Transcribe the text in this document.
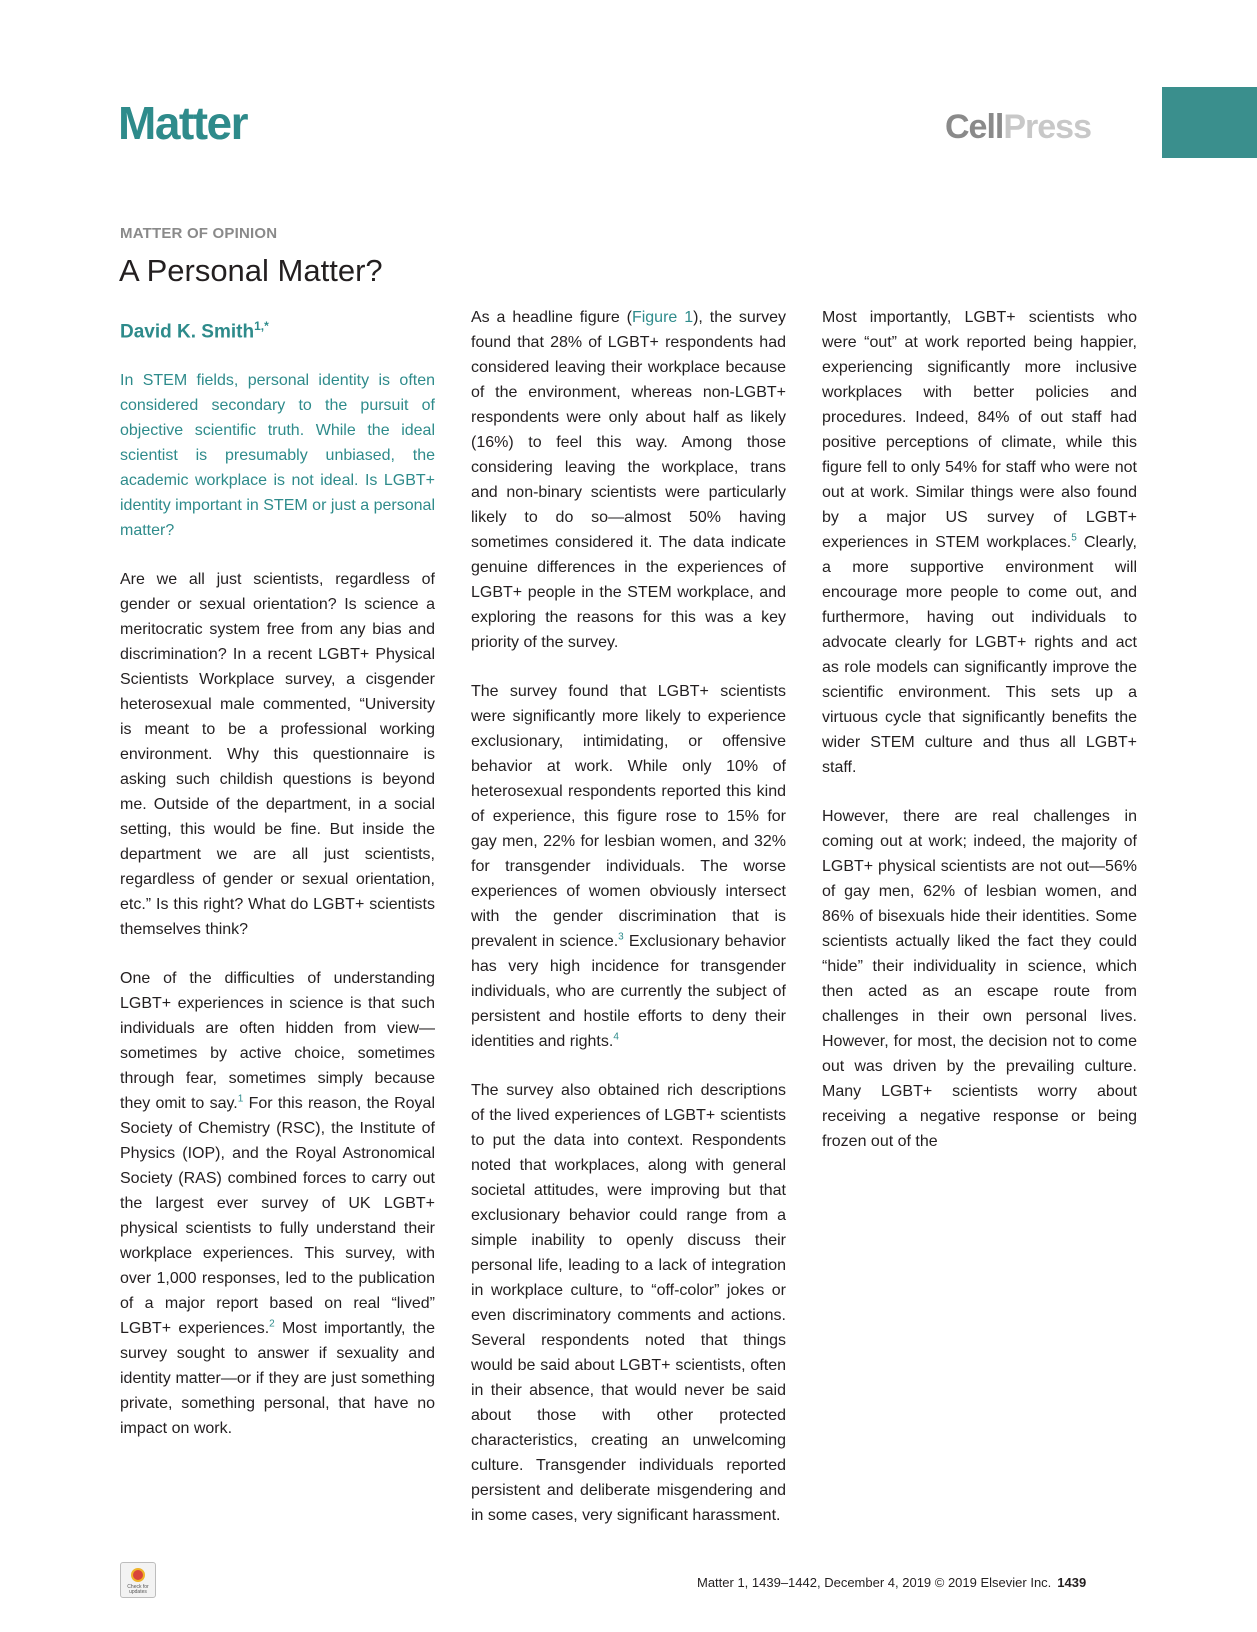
Matter	CellPress
MATTER OF OPINION
A Personal Matter?

David K. Smith$^{1,*}$

In STEM fields, personal identity is often considered secondary to the pursuit of objective scientific truth. While the ideal scientist is presumably unbiased, the academic workplace is not ideal. Is LGBT+ identity important in STEM or just a personal matter?

Are we all just scientists, regardless of gender or sexual orientation? Is science a meritocratic system free from any bias and discrimination? In a recent LGBT+ Physical Scientists Workplace survey, a cisgender heterosexual male commented, “University is meant to be a professional working environment. Why this questionnaire is asking such childish questions is beyond me. Outside of the department, in a social setting, this would be fine. But inside the department we are all just scientists, regardless of gender or sexual orientation, etc.” Is this right? What do LGBT+ scientists themselves think?

One of the difficulties of understanding LGBT+ experiences in science is that such individuals are often hidden from view—sometimes by active choice, sometimes through fear, sometimes simply because they omit to say.$^1$ For this reason, the Royal Society of Chemistry (RSC), the Institute of Physics (IOP), and the Royal Astronomical Society (RAS) combined forces to carry out the largest ever survey of UK LGBT+ physical scientists to fully understand their workplace experiences. This survey, with over 1,000 responses, led to the publication of a major report based on real “lived” LGBT+ experiences.$^2$ Most importantly, the survey sought to answer if sexuality and identity matter—or if they are just something private, something personal, that have no impact on work.

As a headline figure (Figure 1), the survey found that 28% of LGBT+ respondents had considered leaving their workplace because of the environment, whereas non-LGBT+ respondents were only about half as likely (16%) to feel this way. Among those considering leaving the workplace, trans and non-binary scientists were particularly likely to do so—almost 50% having sometimes considered it. The data indicate genuine differences in the experiences of LGBT+ people in the STEM workplace, and exploring the reasons for this was a key priority of the survey.

The survey found that LGBT+ scientists were significantly more likely to experience exclusionary, intimidating, or offensive behavior at work. While only 10% of heterosexual respondents reported this kind of experience, this figure rose to 15% for gay men, 22% for lesbian women, and 32% for transgender individuals. The worse experiences of women obviously intersect with the gender discrimination that is prevalent in science.$^3$ Exclusionary behavior has very high incidence for transgender individuals, who are currently the subject of persistent and hostile efforts to deny their identities and rights.$^4$

The survey also obtained rich descriptions of the lived experiences of LGBT+ scientists to put the data into context. Respondents noted that workplaces, along with general societal attitudes, were improving but that exclusionary behavior could range from a simple inability to openly discuss their personal life, leading to a lack of integration in workplace culture, to “off-color” jokes or even discriminatory comments and actions. Several respondents noted that things would be said about LGBT+ scientists, often in their absence, that would never be said about those with other protected characteristics, creating an unwelcoming culture. Transgender individuals reported persistent and deliberate misgendering and in some cases, very significant harassment.

Most importantly, LGBT+ scientists who were “out” at work reported being happier, experiencing significantly more inclusive workplaces with better policies and procedures. Indeed, 84% of out staff had positive perceptions of climate, while this figure fell to only 54% for staff who were not out at work. Similar things were also found by a major US survey of LGBT+ experiences in STEM workplaces.$^5$ Clearly, a more supportive environment will encourage more people to come out, and furthermore, having out individuals to advocate clearly for LGBT+ rights and act as role models can significantly improve the scientific environment. This sets up a virtuous cycle that significantly benefits the wider STEM culture and thus all LGBT+ staff.

However, there are real challenges in coming out at work; indeed, the majority of LGBT+ physical scientists are not out—56% of gay men, 62% of lesbian women, and 86% of bisexuals hide their identities. Some scientists actually liked the fact they could “hide” their individuality in science, which then acted as an escape route from challenges in their own personal lives. However, for most, the decision not to come out was driven by the prevailing culture. Many LGBT+ scientists worry about receiving a negative response or being frozen out of the

Check for updates
Matter 1, 1439–1442, December 4, 2019 © 2019 Elsevier Inc. 1439
